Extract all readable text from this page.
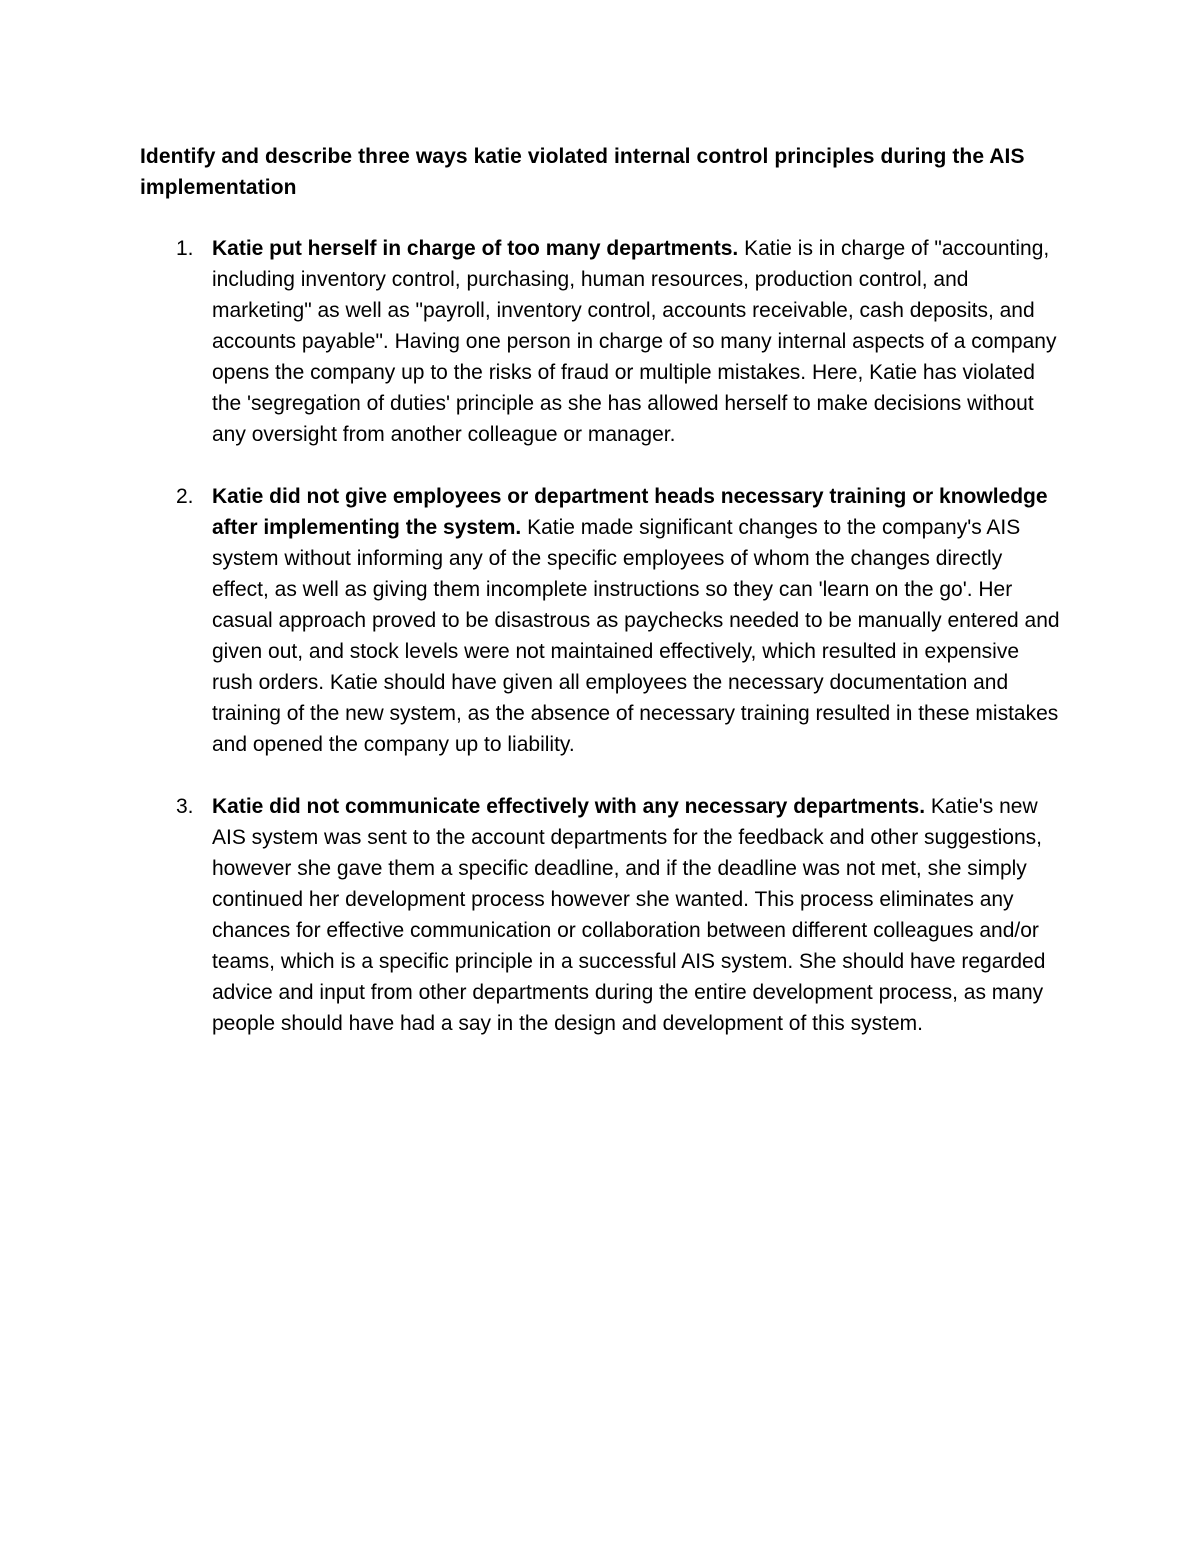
Identify and describe three ways katie violated internal control principles during the AIS implementation
1. Katie put herself in charge of too many departments. Katie is in charge of "accounting, including inventory control, purchasing, human resources, production control, and marketing" as well as "payroll, inventory control, accounts receivable, cash deposits, and accounts payable". Having one person in charge of so many internal aspects of a company opens the company up to the risks of fraud or multiple mistakes. Here, Katie has violated the 'segregation of duties' principle as she has allowed herself to make decisions without any oversight from another colleague or manager.
2. Katie did not give employees or department heads necessary training or knowledge after implementing the system. Katie made significant changes to the company's AIS system without informing any of the specific employees of whom the changes directly effect, as well as giving them incomplete instructions so they can 'learn on the go'. Her casual approach proved to be disastrous as paychecks needed to be manually entered and given out, and stock levels were not maintained effectively, which resulted in expensive rush orders. Katie should have given all employees the necessary documentation and training of the new system, as the absence of necessary training resulted in these mistakes and opened the company up to liability.
3. Katie did not communicate effectively with any necessary departments. Katie's new AIS system was sent to the account departments for the feedback and other suggestions, however she gave them a specific deadline, and if the deadline was not met, she simply continued her development process however she wanted. This process eliminates any chances for effective communication or collaboration between different colleagues and/or teams, which is a specific principle in a successful AIS system. She should have regarded advice and input from other departments during the entire development process, as many people should have had a say in the design and development of this system.
